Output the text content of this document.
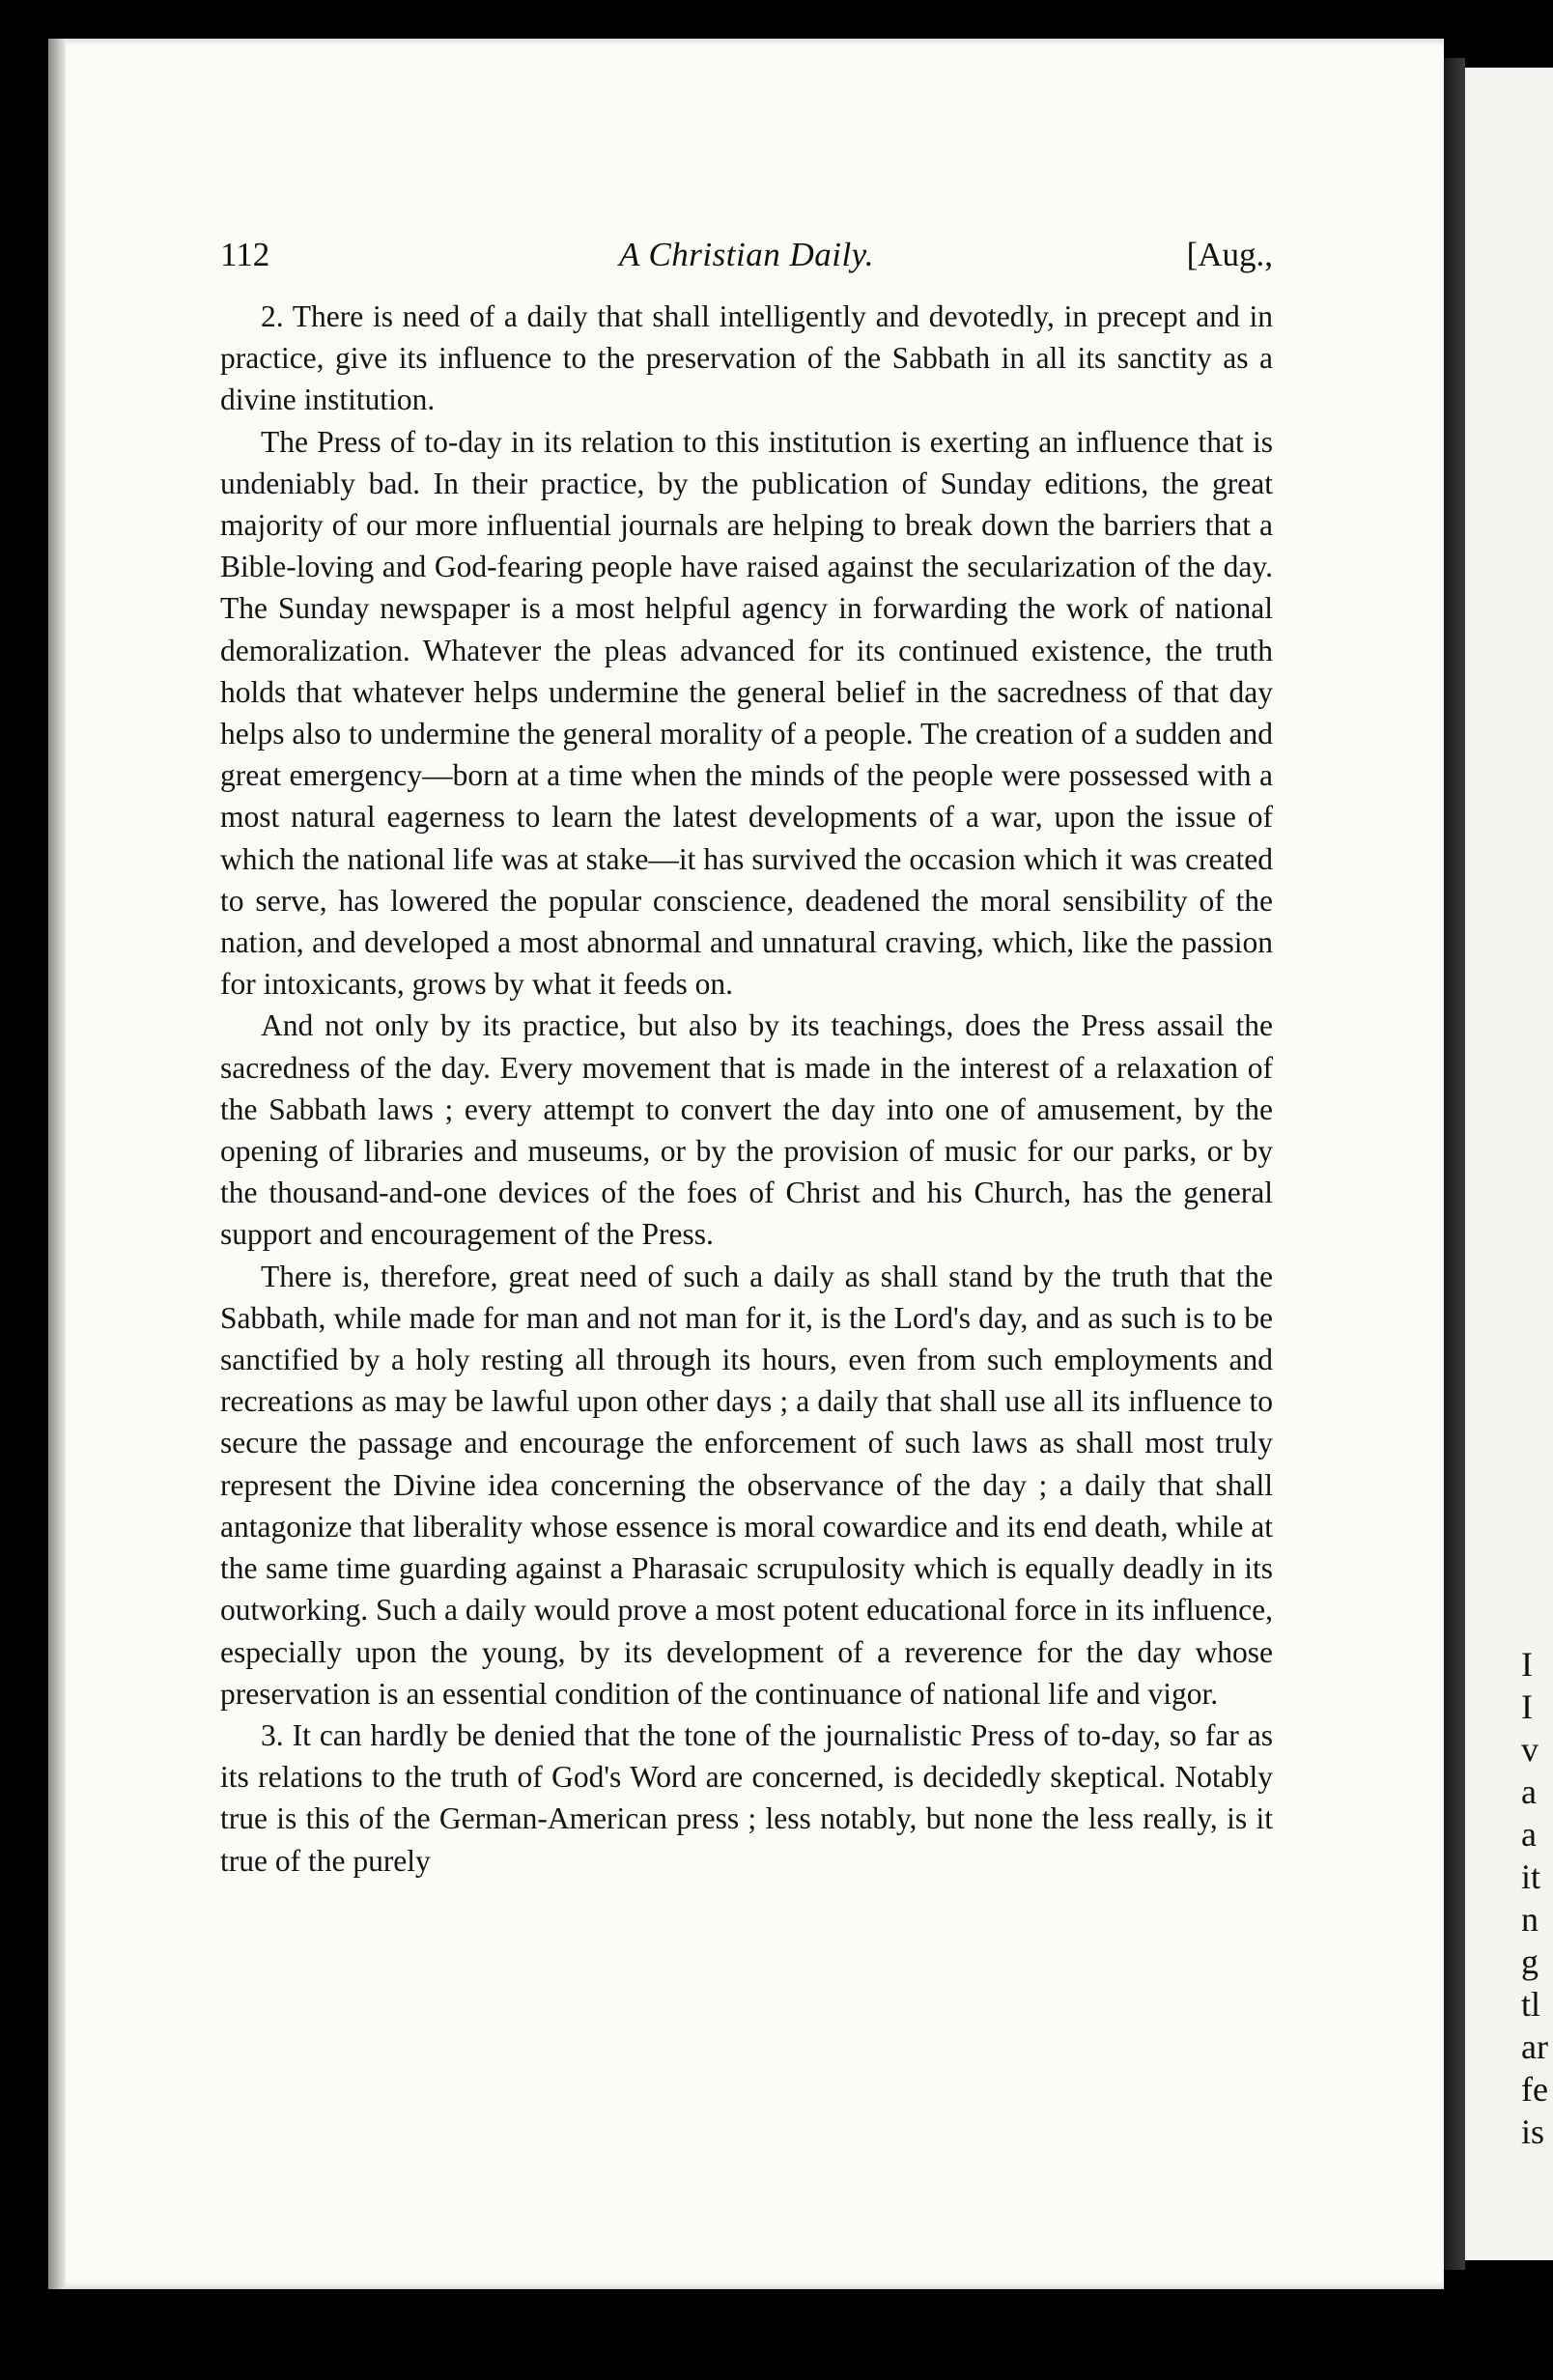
I
I
v
a
a
it
n
g
tl
ar
fe
is
112	A Christian Daily.	[Aug.,

2. There is need of a daily that shall intelligently and devotedly, in precept and in practice, give its influence to the preservation of the Sabbath in all its sanctity as a divine institution.

The Press of to-day in its relation to this institution is exerting an influence that is undeniably bad. In their practice, by the publication of Sunday editions, the great majority of our more influential journals are helping to break down the barriers that a Bible-loving and God-fearing people have raised against the secularization of the day. The Sunday newspaper is a most helpful agency in forwarding the work of national demoralization. Whatever the pleas advanced for its continued existence, the truth holds that whatever helps undermine the general belief in the sacredness of that day helps also to undermine the general morality of a people. The creation of a sudden and great emergency—born at a time when the minds of the people were possessed with a most natural eagerness to learn the latest developments of a war, upon the issue of which the national life was at stake—it has survived the occasion which it was created to serve, has lowered the popular conscience, deadened the moral sensibility of the nation, and developed a most abnormal and unnatural craving, which, like the passion for intoxicants, grows by what it feeds on.

And not only by its practice, but also by its teachings, does the Press assail the sacredness of the day. Every movement that is made in the interest of a relaxation of the Sabbath laws ; every attempt to convert the day into one of amusement, by the opening of libraries and museums, or by the provision of music for our parks, or by the thousand-and-one devices of the foes of Christ and his Church, has the general support and encouragement of the Press.

There is, therefore, great need of such a daily as shall stand by the truth that the Sabbath, while made for man and not man for it, is the Lord's day, and as such is to be sanctified by a holy resting all through its hours, even from such employments and recreations as may be lawful upon other days ; a daily that shall use all its influence to secure the passage and encourage the enforcement of such laws as shall most truly represent the Divine idea concerning the observance of the day ; a daily that shall antagonize that liberality whose essence is moral cowardice and its end death, while at the same time guarding against a Pharasaic scrupulosity which is equally deadly in its outworking. Such a daily would prove a most potent educational force in its influence, especially upon the young, by its development of a reverence for the day whose preservation is an essential condition of the continuance of national life and vigor.

3. It can hardly be denied that the tone of the journalistic Press of to-day, so far as its relations to the truth of God's Word are concerned, is decidedly skeptical. Notably true is this of the German-American press ; less notably, but none the less really, is it true of the purely
